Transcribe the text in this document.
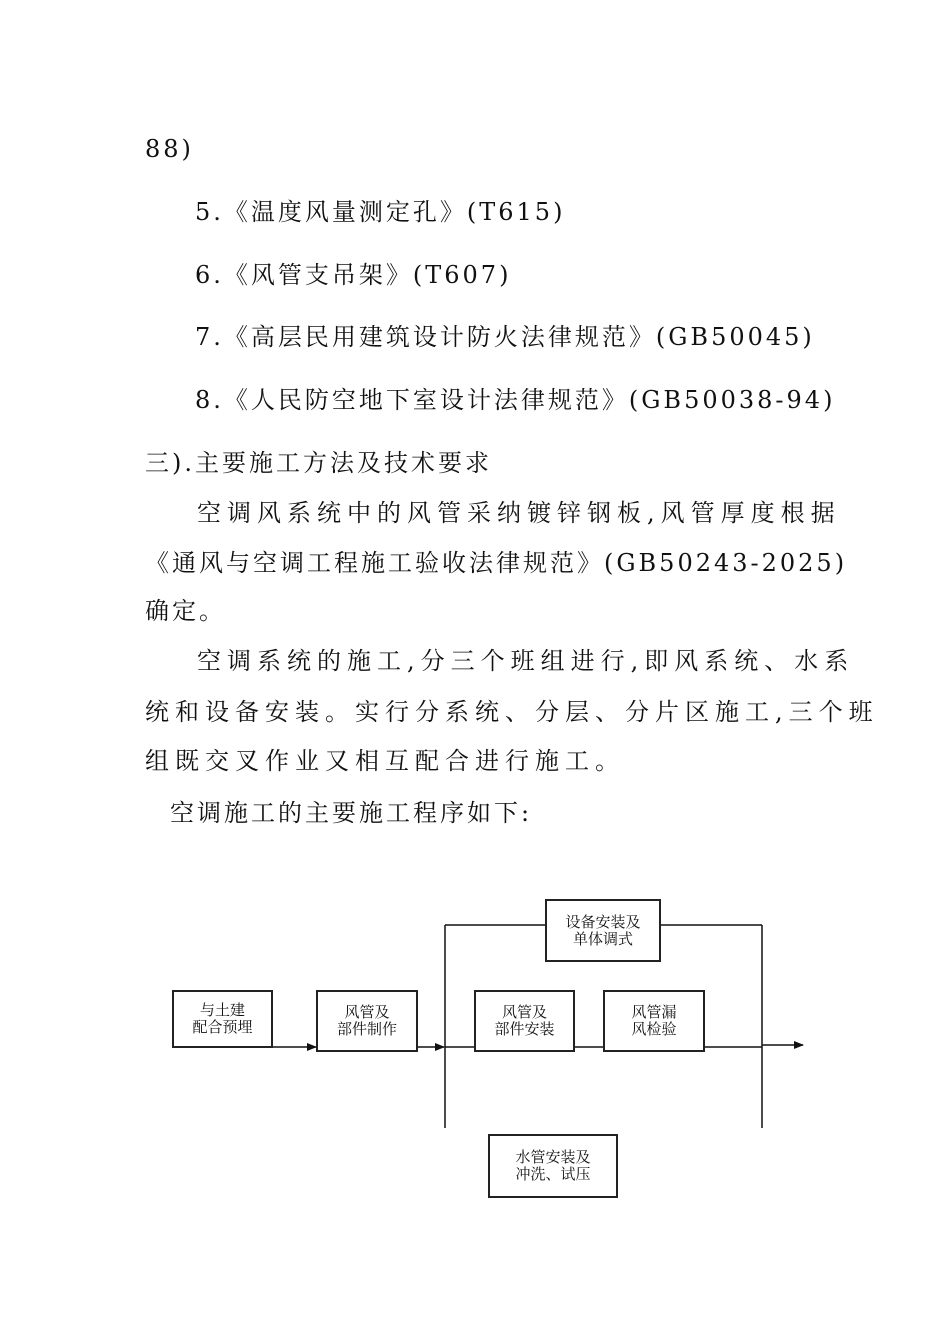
88)
5.《温度风量测定孔》(T615)
6.《风管支吊架》(T607)
7.《高层民用建筑设计防火法律规范》(GB50045)
8.《人民防空地下室设计法律规范》(GB50038-94)
三).主要施工方法及技术要求
空调风系统中的风管采纳镀锌钢板,风管厚度根据
《通风与空调工程施工验收法律规范》(GB50243-2025)
确定。
空调系统的施工,分三个班组进行,即风系统、水系
统和设备安装。实行分系统、分层、分片区施工,三个班
组既交叉作业又相互配合进行施工。
空调施工的主要施工程序如下:
与土建
配合预埋
风管及
部件制作
风管及
部件安装
风管漏
风检验
设备安装及
单体调式
水管安装及
冲洗、试压
